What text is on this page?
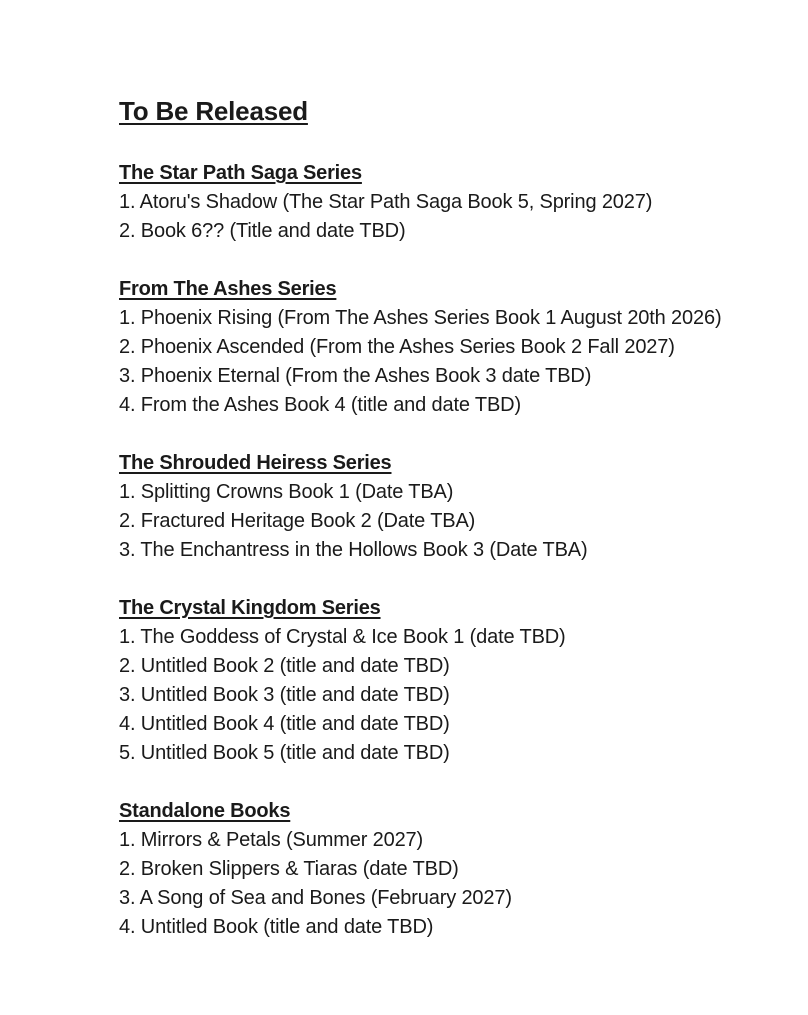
To Be Released
The Star Path Saga Series
1. Atoru's Shadow (The Star Path Saga Book 5, Spring 2027)
2. Book 6?? (Title and date TBD)
From The Ashes Series
1. Phoenix Rising (From The Ashes Series Book 1 August 20th 2026)
2. Phoenix Ascended (From the Ashes Series Book 2 Fall 2027)
3. Phoenix Eternal (From the Ashes Book 3 date TBD)
4. From the Ashes Book 4 (title and date TBD)
The Shrouded Heiress Series
1. Splitting Crowns Book 1 (Date TBA)
2. Fractured Heritage Book 2 (Date TBA)
3. The Enchantress in the Hollows Book 3 (Date TBA)
The Crystal Kingdom Series
1. The Goddess of Crystal & Ice Book 1 (date TBD)
2. Untitled Book 2 (title and date TBD)
3. Untitled Book 3 (title and date TBD)
4. Untitled Book 4 (title and date TBD)
5. Untitled Book 5 (title and date TBD)
Standalone Books
1. Mirrors & Petals (Summer 2027)
2. Broken Slippers & Tiaras (date TBD)
3. A Song of Sea and Bones (February 2027)
4. Untitled Book (title and date TBD)
